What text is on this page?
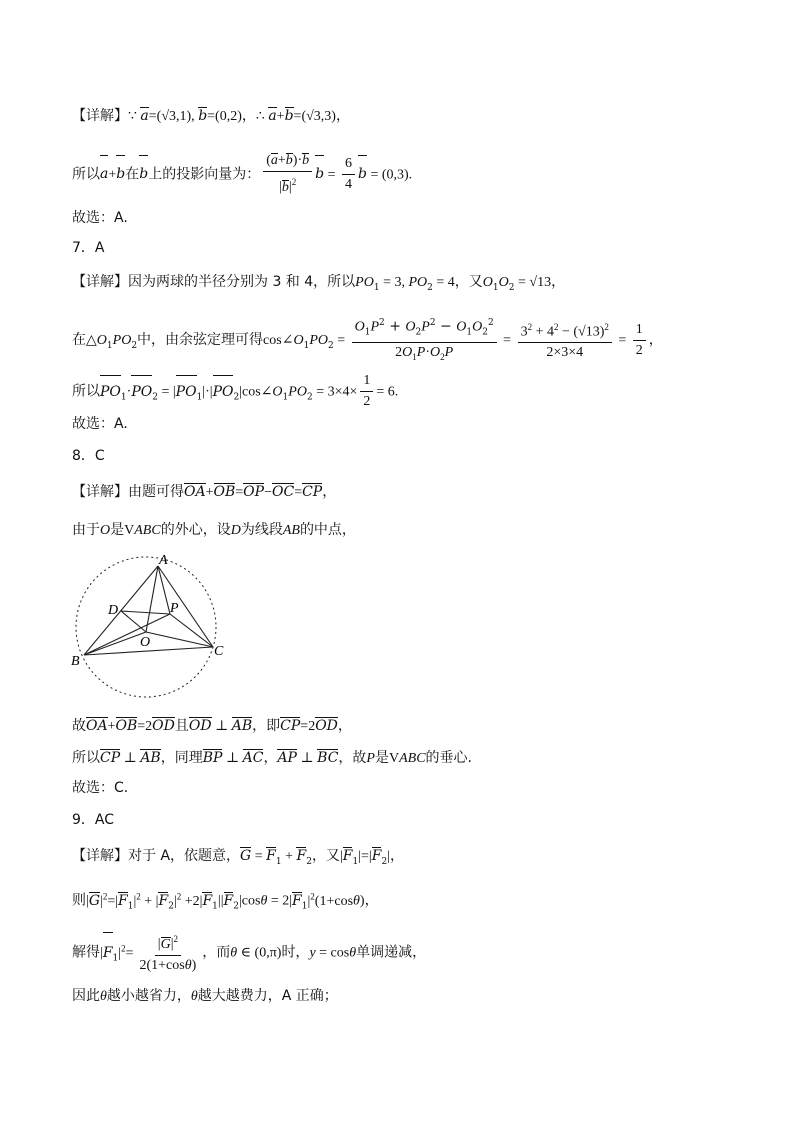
【详解】∵ a=(√3,1), b=(0,2)，∴ a+b=(√3,3)，
所以a+b在b上的投影向量为： $\frac{(a+b)\cdot b}{|b|^2}$ $b = \frac{6}{4}$ b = (0,3).
故选：A.
7．A
【详解】因为两球的半径分别为 3 和 4，所以$PO_1 = 3$, $PO_2 = 4$，又$O_1O_2 = √13$，
在$\triangle O_1PO_2$中，由余弦定理可得$\cos\angle O_1PO_2 = \frac{O_1P^2 + O_2P^2 - O_1O_2^2}{2O_1P\cdot O_2P} = \frac{3^2 + 4^2 - (√13)^2}{2\times 3\times 4} = \frac{1}{2}$ ，
所以$PO_1\cdot PO_2$ = $|PO_1|\cdot|PO_2|\cos\angle O_1PO_2 = 3\times 4\times \frac{1}{2} = 6$.
故选：A.
8．C
【详解】由题可得OA+OB=OP−OC=CP，
由于O是VABC的外心，设D为线段AB的中点，
A
B
C
D
O
P
故OA+OB=2OD且OD ⊥ AB，即CP=2OD，
所以CP ⊥ AB，同理BP ⊥ AC，AP ⊥ BC，故P是VABC的垂心.
故选：C.
9．AC
【详解】对于 A，依题意，$G = F_1 + F_2$，又$|F_1|=|F_2|$，
则$|G|^2=|F_1|^2 + |F_2|^2 +2|F_1||F_2|\cos\theta = 2|F_1|^2(1+\cos\theta)$，
解得$|F_1|^2= \frac{|G|^2}{2(1+\cos\theta)}$ ，而θ ∈ (0,π)时，y = cosθ单调递减，
因此θ越小越省力，θ越大越费力，A 正确；
